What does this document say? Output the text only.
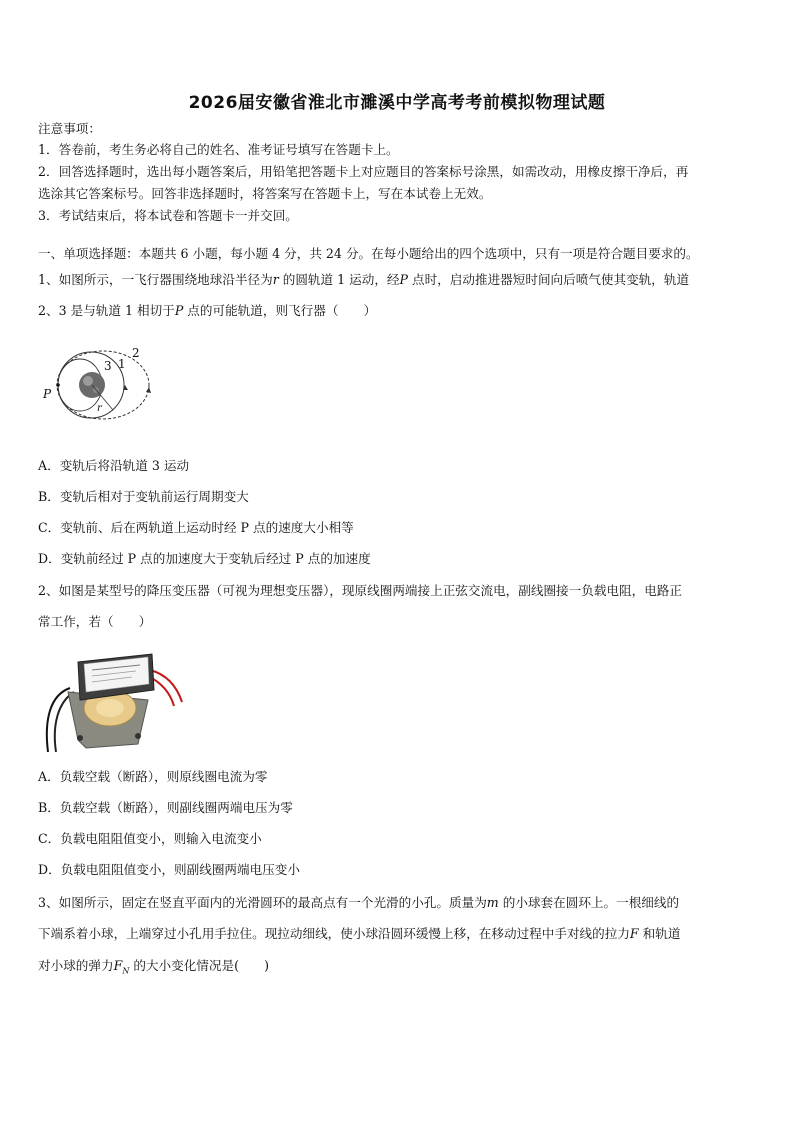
2026届安徽省淮北市濉溪中学高考考前模拟物理试题
注意事项：
1．答卷前，考生务必将自己的姓名、准考证号填写在答题卡上。
2．回答选择题时，选出每小题答案后，用铅笔把答题卡上对应题目的答案标号涂黑，如需改动，用橡皮擦干净后，再
选涂其它答案标号。回答非选择题时，将答案写在答题卡上，写在本试卷上无效。
3．考试结束后，将本试卷和答题卡一并交回。
一、单项选择题：本题共 6 小题，每小题 4 分，共 24 分。在每小题给出的四个选项中，只有一项是符合题目要求的。
1、如图所示，一飞行器围绕地球沿半径为r 的圆轨道 1 运动，经P 点时，启动推进器短时间向后喷气使其变轨，轨道
2、3 是与轨道 1 相切于P 点的可能轨道，则飞行器（　　）
P
2
1
3
r
A．变轨后将沿轨道 3 运动
B．变轨后相对于变轨前运行周期变大
C．变轨前、后在两轨道上运动时经 P 点的速度大小相等
D．变轨前经过 P 点的加速度大于变轨后经过 P 点的加速度
2、如图是某型号的降压变压器（可视为理想变压器），现原线圈两端接上正弦交流电，副线圈接一负载电阻，电路正
常工作，若（　　）
A．负载空载（断路），则原线圈电流为零
B．负载空载（断路），则副线圈两端电压为零
C．负载电阻阻值变小，则输入电流变小
D．负载电阻阻值变小，则副线圈两端电压变小
3、如图所示，固定在竖直平面内的光滑圆环的最高点有一个光滑的小孔。质量为m 的小球套在圆环上。一根细线的
下端系着小球，上端穿过小孔用手拉住。现拉动细线，使小球沿圆环缓慢上移，在移动过程中手对线的拉力F 和轨道
对小球的弹力$F_N$ 的大小变化情况是(　　)
